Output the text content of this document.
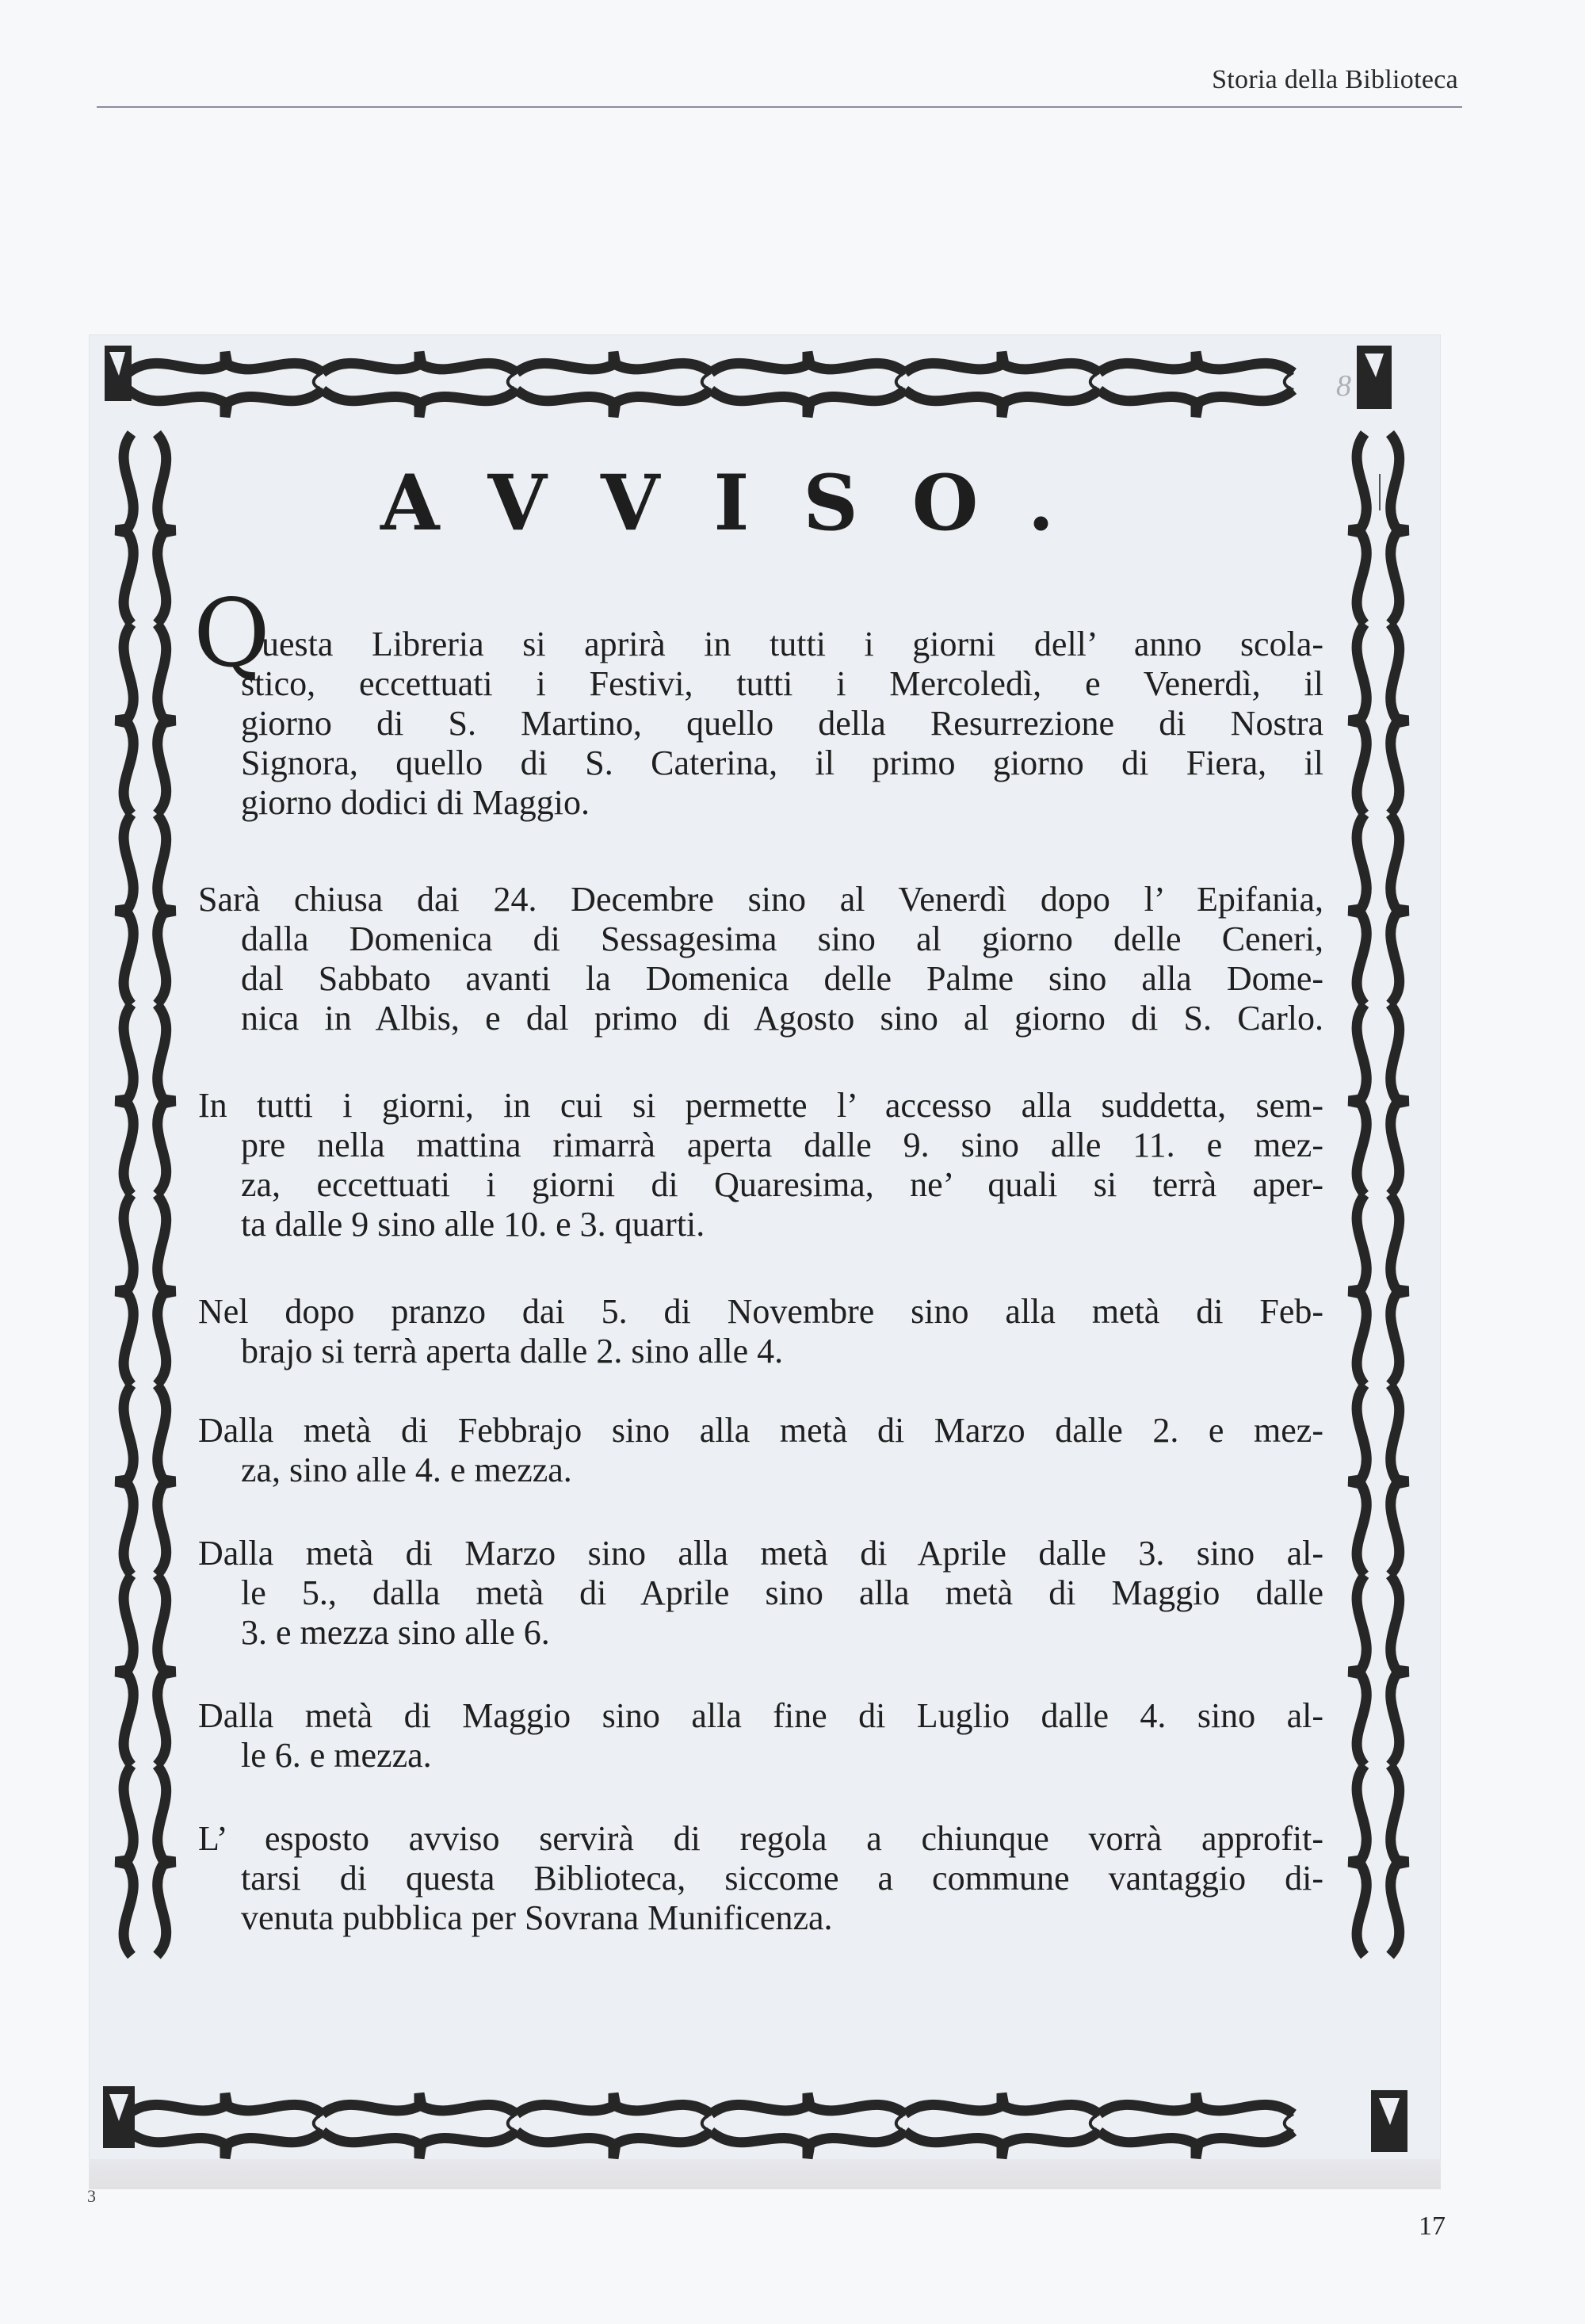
Storia della Biblioteca
8
AVVISO.
Q
uesta Libreria si aprirà in tutti i giorni dell’ anno scola-
stico, eccettuati i Festivi, tutti i Mercoledì, e Venerdì, il
giorno di S. Martino, quello della Resurrezione di Nostra
Signora, quello di S. Caterina, il primo giorno di Fiera, il
giorno dodici di Maggio.
Sarà chiusa dai 24. Decembre sino al Venerdì dopo l’ Epifania,
dalla Domenica di Sessagesima sino al giorno delle Ceneri,
dal Sabbato avanti la Domenica delle Palme sino alla Dome-
nica in Albis, e dal primo di Agosto sino al giorno di S. Carlo.
In tutti i giorni, in cui si permette l’ accesso alla suddetta, sem-
pre nella mattina rimarrà aperta dalle 9. sino alle 11. e mez-
za, eccettuati i giorni di Quaresima, ne’ quali si terrà aper-
ta dalle 9 sino alle 10. e 3. quarti.
Nel dopo pranzo dai 5. di Novembre sino alla metà di Feb-
brajo si terrà aperta dalle 2. sino alle 4.
Dalla metà di Febbrajo sino alla metà di Marzo dalle 2. e mez-
za, sino alle 4. e mezza.
Dalla metà di Marzo sino alla metà di Aprile dalle 3. sino al-
le 5., dalla metà di Aprile sino alla metà di Maggio dalle
3. e mezza sino alle 6.
Dalla metà di Maggio sino alla fine di Luglio dalle 4. sino al-
le 6. e mezza.
L’ esposto avviso servirà di regola a chiunque vorrà approfit-
tarsi di questa Biblioteca, siccome a commune vantaggio di-
venuta pubblica per Sovrana Munificenza.
3
17
